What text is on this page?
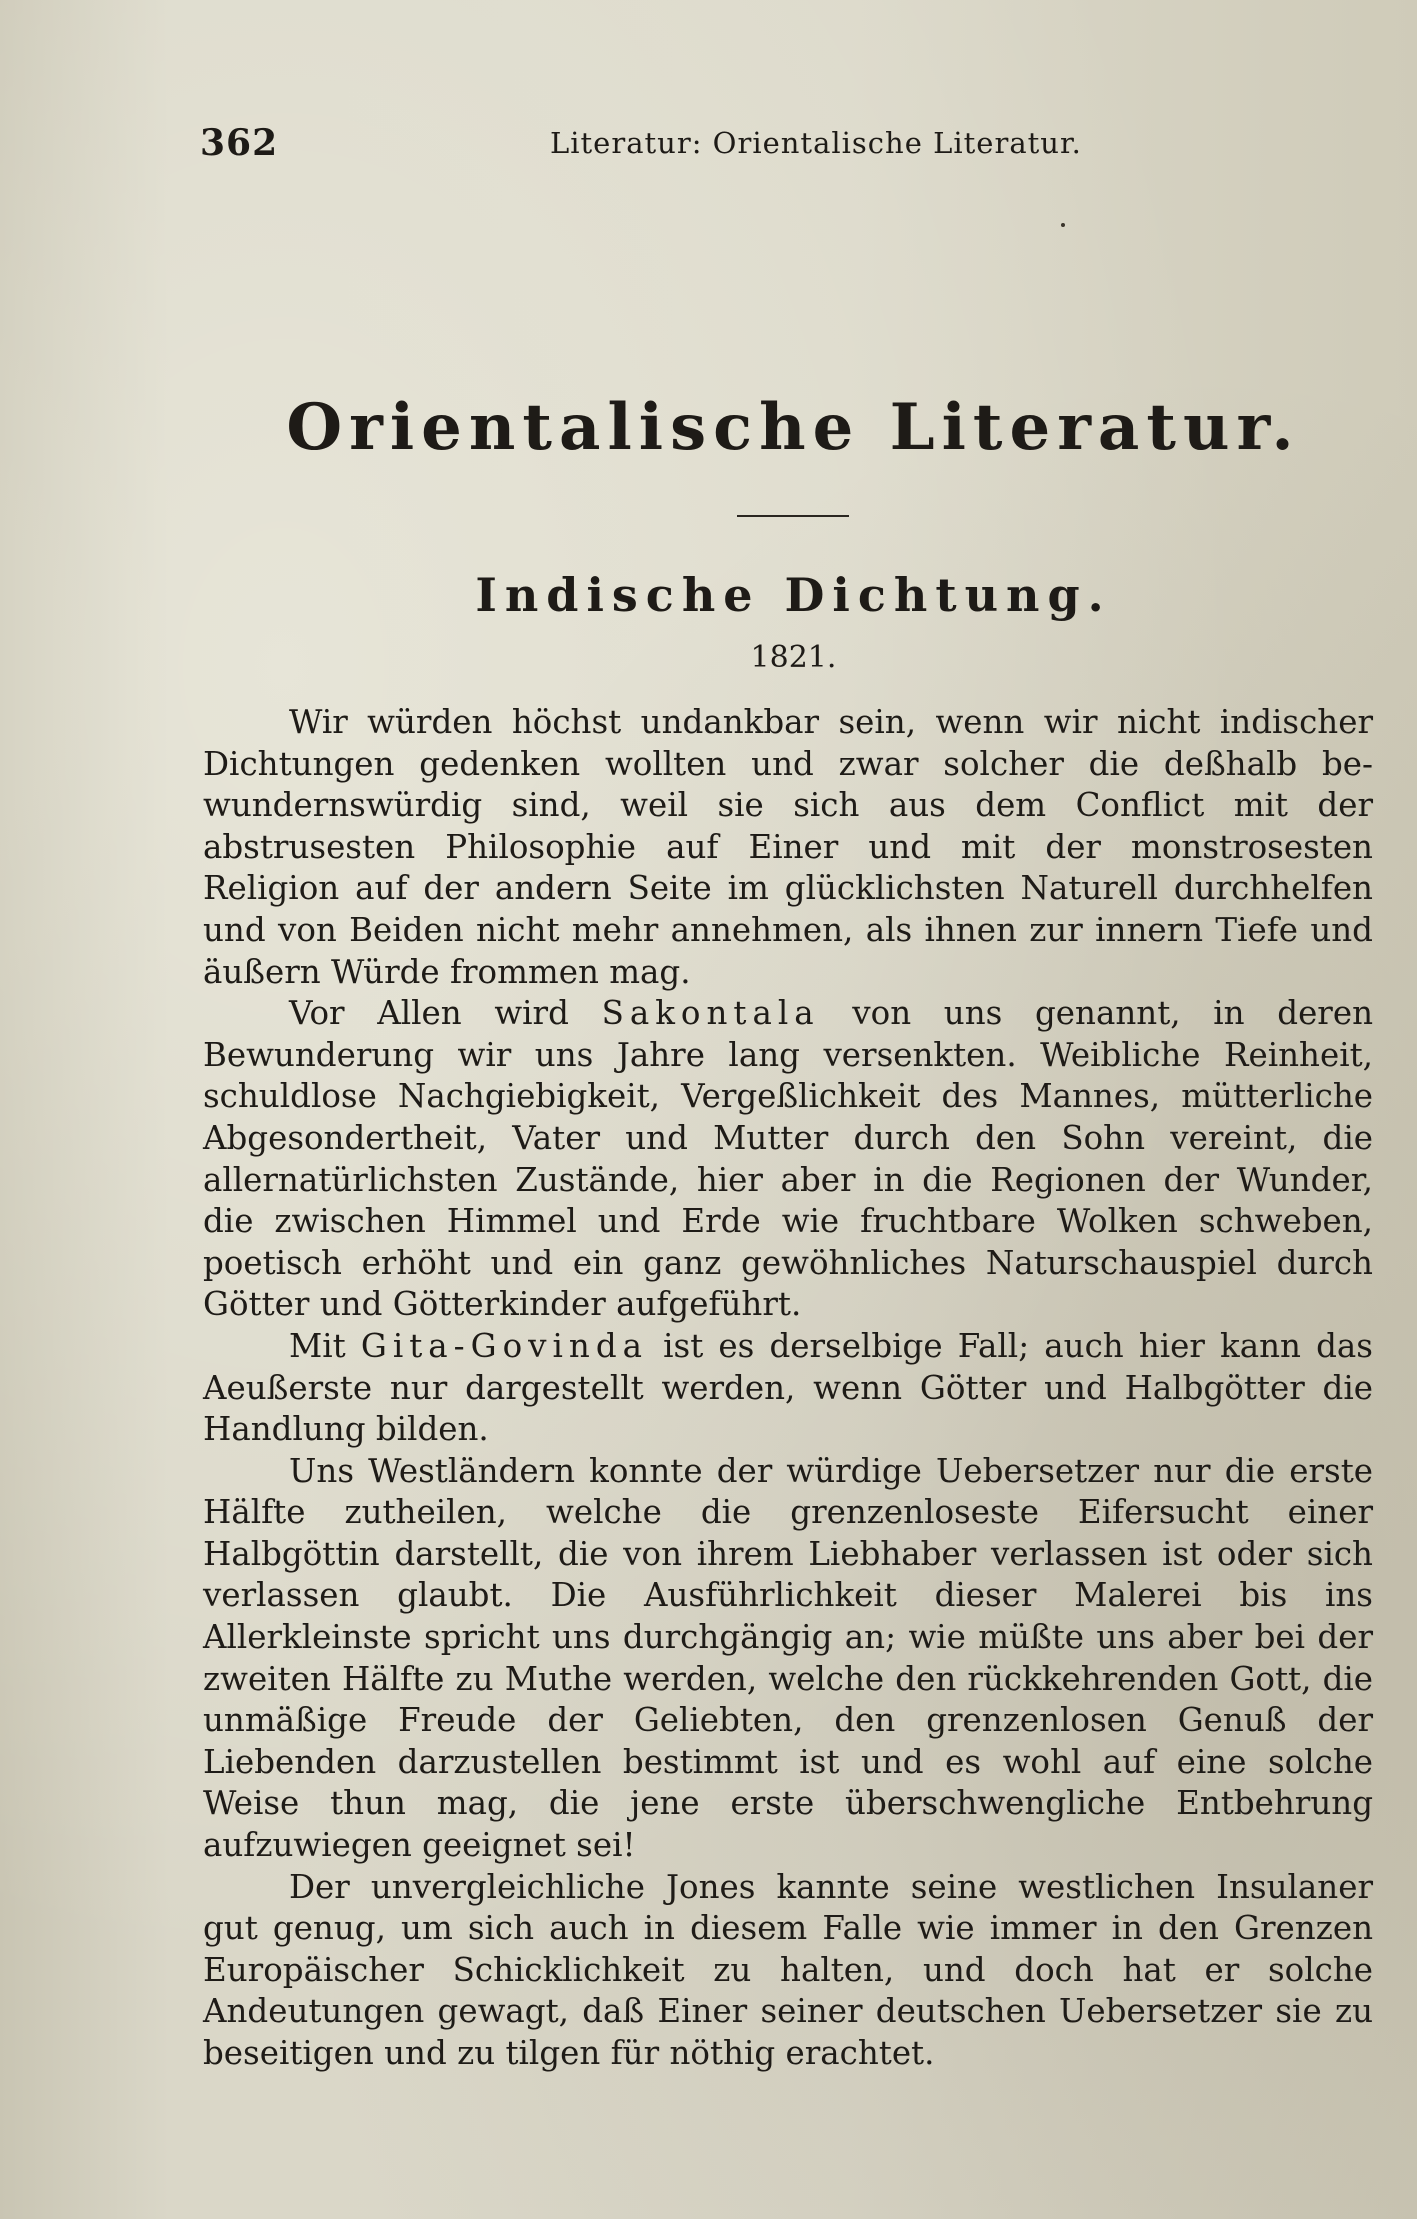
362	Literatur: Orientalische Literatur.
Orientalische Literatur.
Indische Dichtung.
1821.

Wir würden höchst undankbar sein, wenn wir nicht indischer Dichtungen gedenken wollten und zwar solcher die deßhalb bewundernswürdig sind, weil sie sich aus dem Conflict mit der abstrusesten Philosophie auf Einer und mit der monstrosesten Religion auf der andern Seite im glücklichsten Naturell durchhelfen und von Beiden nicht mehr annehmen, als ihnen zur innern Tiefe und äußern Würde frommen mag.

Vor Allen wird Sakontala von uns genannt, in deren Bewunderung wir uns Jahre lang versenkten. Weibliche Reinheit, schuldlose Nachgiebigkeit, Vergeßlichkeit des Mannes, mütterliche Abgesondertheit, Vater und Mutter durch den Sohn vereint, die allernatürlichsten Zustände, hier aber in die Regionen der Wunder, die zwischen Himmel und Erde wie fruchtbare Wolken schweben, poetisch erhöht und ein ganz gewöhnliches Naturschauspiel durch Götter und Götterkinder aufgeführt.

Mit Gita-Govinda ist es derselbige Fall; auch hier kann das Aeußerste nur dargestellt werden, wenn Götter und Halbgötter die Handlung bilden.

Uns Westländern konnte der würdige Uebersetzer nur die erste Hälfte zutheilen, welche die grenzenloseste Eifersucht einer Halbgöttin darstellt, die von ihrem Liebhaber verlassen ist oder sich verlassen glaubt. Die Ausführlichkeit dieser Malerei bis ins Allerkleinste spricht uns durchgängig an; wie müßte uns aber bei der zweiten Hälfte zu Muthe werden, welche den rückkehrenden Gott, die unmäßige Freude der Geliebten, den grenzenlosen Genuß der Liebenden darzustellen bestimmt ist und es wohl auf eine solche Weise thun mag, die jene erste überschwengliche Entbehrung aufzuwiegen geeignet sei!

Der unvergleichliche Jones kannte seine westlichen Insulaner gut genug, um sich auch in diesem Falle wie immer in den Grenzen Europäischer Schicklichkeit zu halten, und doch hat er solche Andeutungen gewagt, daß Einer seiner deutschen Uebersetzer sie zu beseitigen und zu tilgen für nöthig erachtet.
